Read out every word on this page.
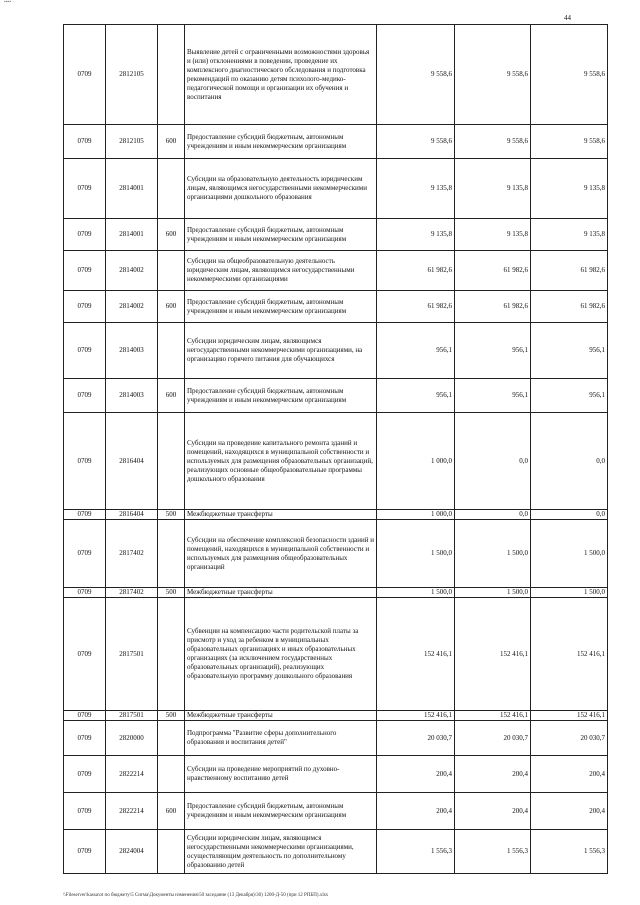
▪▪▪▪ ·
44
0709	2812105		Выявление детей с ограниченными возможностями здоровья и (или) отклонениями в поведении, проведение их комплексного диагностического обследования и подготовка рекомендаций по оказанию детям психолого-медико-педагогической помощи и организации их обучения и воспитания	9 558,6	9 558,6	9 558,6
0709	2812105	600	Предоставление субсидий бюджетным, автономным учреждениям и иным некоммерческим организациям	9 558,6	9 558,6	9 558,6
0709	2814001		Субсидии на образовательную деятельность юридическим лицам, являющимся негосударственными некоммерческими организациями дошкольного образования	9 135,8	9 135,8	9 135,8
0709	2814001	600	Предоставление субсидий бюджетным, автономным учреждениям и иным некоммерческим организациям	9 135,8	9 135,8	9 135,8
0709	2814002		Субсидии на общеобразовательную деятельность юридическим лицам, являющимся негосударственными некоммерческими организациями	61 982,6	61 982,6	61 982,6
0709	2814002	600	Предоставление субсидий бюджетным, автономным учреждениям и иным некоммерческим организациям	61 982,6	61 982,6	61 982,6
0709	2814003		Субсидии юридическим лицам, являющимся негосударственными некоммерческими организациями, на организацию горячего питания для обучающихся	956,1	956,1	956,1
0709	2814003	600	Предоставление субсидий бюджетным, автономным учреждениям и иным некоммерческим организациям	956,1	956,1	956,1
0709	2816404		Субсидии на проведение капитального ремонта зданий и помещений, находящихся в муниципальной собственности и используемых для размещения образовательных организаций, реализующих основные общеобразовательные программы дошкольного образования	1 000,0	0,0	0,0
0709	2816404	500	Межбюджетные трансферты	1 000,0	0,0	0,0
0709	2817402		Субсидии на обеспечение комплексной безопасности зданий и помещений, находящихся в муниципальной собственности и используемых для размещения общеобразовательных организаций	1 500,0	1 500,0	1 500,0
0709	2817402	500	Межбюджетные трансферты	1 500,0	1 500,0	1 500,0
0709	2817501		Субвенции на компенсацию части родительской платы за присмотр и уход за ребенком в муниципальных образовательных организациях и иных образовательных организациях (за исключением государственных образовательных организаций), реализующих образовательную программу дошкольного образования	152 416,1	152 416,1	152 416,1
0709	2817501	500	Межбюджетные трансферты	152 416,1	152 416,1	152 416,1
0709	2820000		Подпрограмма "Развитие сферы дополнительного образования и воспитания детей"	20 030,7	20 030,7	20 030,7
0709	2822214		Субсидии на проведение мероприятий по духовно-нравственному воспитанию детей	200,4	200,4	200,4
0709	2822214	600	Предоставление субсидий бюджетным, автономным учреждениям и иным некоммерческим организациям	200,4	200,4	200,4
0709	2824004		Субсидии юридическим лицам, являющимся негосударственными некоммерческими организациями, осуществляющим деятельность по дополнительному образованию детей	1 556,3	1 556,3	1 556,3
\\Fileserver\kassa\ot по бюджету\5 Сигма\Документы изменения\50 заседание (13 Декабря)\30) 1200-Д-50 (при 12 РПБП).xlsx
